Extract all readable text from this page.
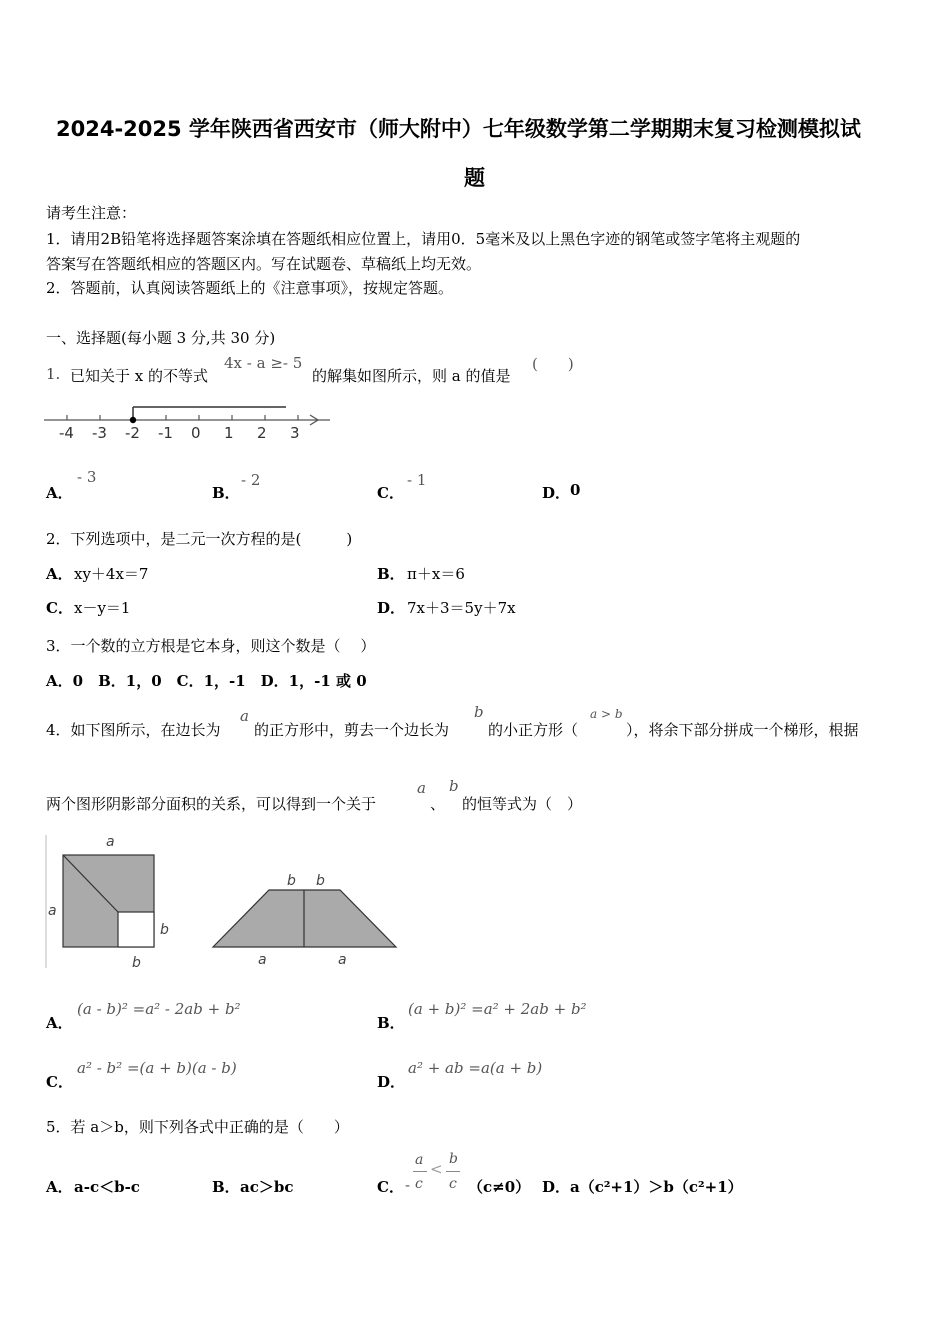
2024-2025 学年陕西省西安市（师大附中）七年级数学第二学期期末复习检测模拟试
题
请考生注意：
1．请用2B铅笔将选择题答案涂填在答题纸相应位置上，请用0．5毫米及以上黑色字迹的钢笔或签字笔将主观题的
答案写在答题纸相应的答题区内。写在试题卷、草稿纸上均无效。
2．答题前，认真阅读答题纸上的《注意事项》，按规定答题。
一、选择题(每小题 3 分,共 30 分)
1. 已知关于 x 的不等式
4x - a ≥- 5
的解集如图所示，则 a 的值是
(　　)
-4 -3 -2 -1 0 1 2 3
A．
- 3
B．
- 2
C．
- 1
D． 0
2．下列选项中，是二元一次方程的是(　　　)
A． xy＋4x＝7	B． π＋x＝6
C． x－y＝1	D． 7x＋3＝5y＋7x
3．一个数的立方根是它本身，则这个数是（　 ）
A．0　B．1，0　C．1，-1　D．1，-1 或 0
4．如下图所示，在边长为
a
的正方形中，剪去一个边长为
b
的小正方形（
a > b
），将余下部分拼成一个梯形，根据
两个图形阴影部分面积的关系，可以得到一个关于
a
、
b
的恒等式为（　）
a
a
b
b
b b
a	a
A．
(a - b)² =a² - 2ab + b²
B．
(a + b)² =a² + 2ab + b²
C．
a² - b² =(a + b)(a - b)
D．
a² + ab =a(a + b)
5．若 a＞b，则下列各式中正确的是（　　）
A． a-c＜b-c	B． ac＞bc	C． -
a
c
<
b
c （c≠0） D． a（c²+1）＞b（c²+1）
